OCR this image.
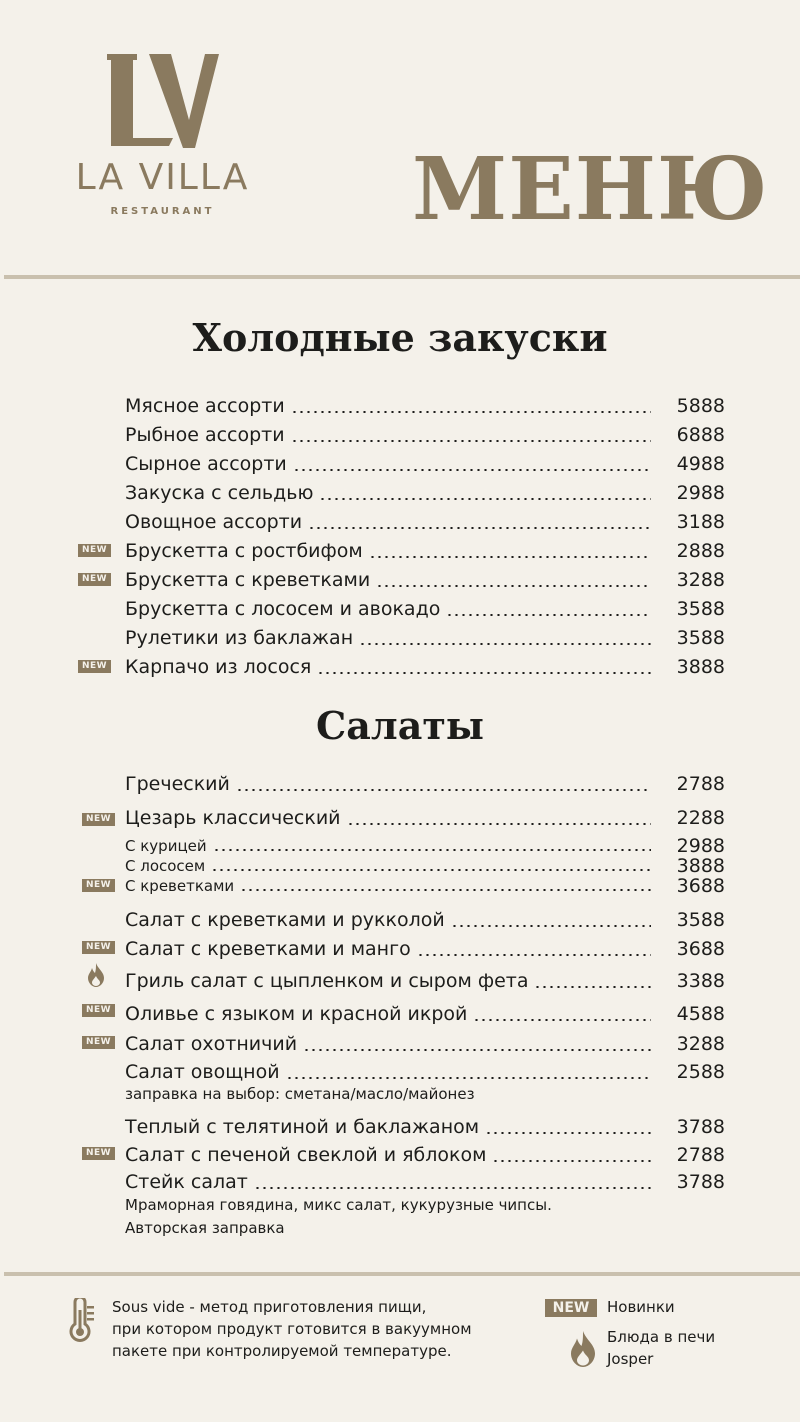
LA VILLA
RESTAURANT	МЕНЮ
Холодные закуски
Мясное ассорти	5888
Рыбное ассорти	6888
Сырное ассорти	4988
Закуска с сельдью	2988
Овощное ассорти	3188
NEW Брускетта с ростбифом	2888
NEW Брускетта с креветками	3288
Брускетта с лососем и авокадо	3588
Рулетики из баклажан	3588
NEW Карпачо из лосося	3888
Салаты
Греческий	2788
NEW Цезарь классический	2288
С курицей	2988
С лососем	3888
NEW С креветками	3688
Салат с креветками и рукколой	3588
NEW Салат с креветками и манго	3688
Гриль салат с цыпленком и сыром фета	3388
NEW Оливье с языком и красной икрой	4588
NEW Салат охотничий	3288
Салат овощной	2588
заправка на выбор: сметана/масло/майонез
Теплый с телятиной и баклажаном	3788
NEW Салат с печеной свеклой и яблоком	2788
Стейк салат	3788
Мраморная говядина, микс салат, кукурузные чипсы.
Авторская заправка
Sous vide - метод приготовления пищи,
при котором продукт готовится в вакуумном
пакете при контролируемой температуре.
NEW	Новинки
Блюда в печи
Josper
